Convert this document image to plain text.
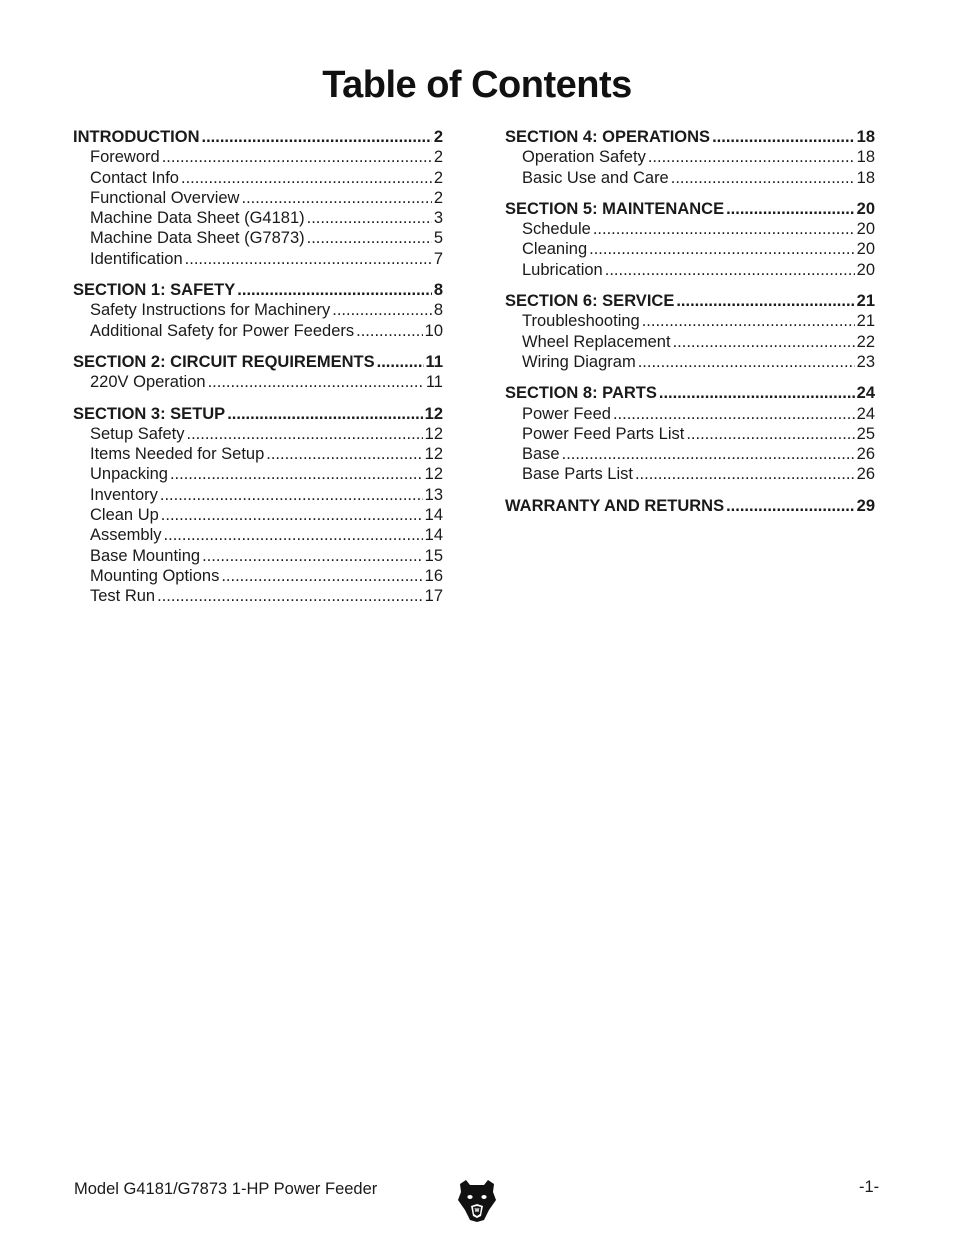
Table of Contents
INTRODUCTION .....	2
Foreword .....	2
Contact Info .....	2
Functional Overview .....	2
Machine Data Sheet (G4181) .....	3
Machine Data Sheet (G7873) .....	5
Identification .....	7
SECTION 1: SAFETY .....	8
Safety Instructions for Machinery .....	8
Additional Safety for Power Feeders .....	10
SECTION 2: CIRCUIT REQUIREMENTS .....	11
220V Operation .....	11
SECTION 3: SETUP .....	12
Setup Safety .....	12
Items Needed for Setup .....	12
Unpacking .....	12
Inventory .....	13
Clean Up .....	14
Assembly .....	14
Base Mounting .....	15
Mounting Options .....	16
Test Run .....	17
SECTION 4: OPERATIONS .....	18
Operation Safety .....	18
Basic Use and Care .....	18
SECTION 5: MAINTENANCE .....	20
Schedule .....	20
Cleaning .....	20
Lubrication .....	20
SECTION 6: SERVICE .....	21
Troubleshooting .....	21
Wheel Replacement .....	22
Wiring Diagram .....	23
SECTION 8: PARTS .....	24
Power Feed .....	24
Power Feed Parts List .....	25
Base .....	26
Base Parts List .....	26
WARRANTY AND RETURNS .....	29
Model G4181/G7873 1-HP Power Feeder	-1-
